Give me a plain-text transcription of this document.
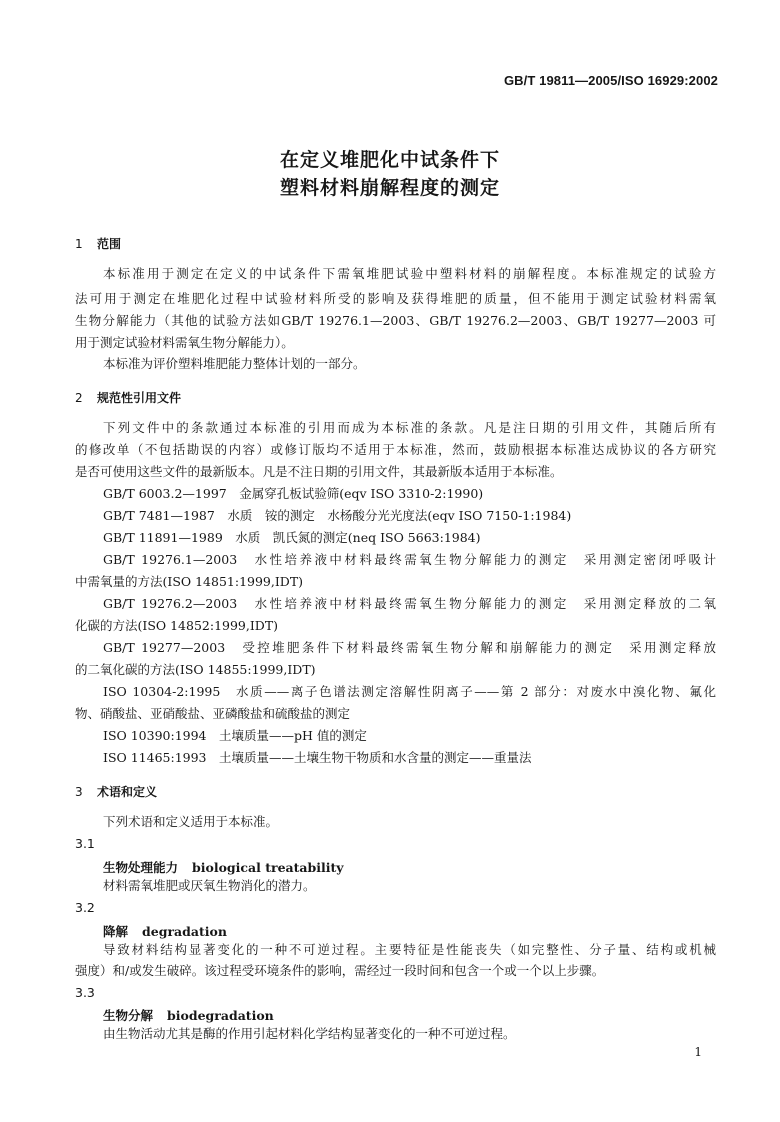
GB/T 19811—2005/ISO 16929:2002
在定义堆肥化中试条件下
塑料材料崩解程度的测定
1 范围
本标准用于测定在定义的中试条件下需氧堆肥试验中塑料材料的崩解程度。本标准规定的试验方
法可用于测定在堆肥化过程中试验材料所受的影响及获得堆肥的质量，但不能用于测定试验材料需氧
生物分解能力（其他的试验方法如GB/T 19276.1—2003、GB/T 19276.2—2003、GB/T 19277—2003 可
用于测定试验材料需氧生物分解能力）。
本标准为评价塑料堆肥能力整体计划的一部分。
2 规范性引用文件
下列文件中的条款通过本标准的引用而成为本标准的条款。凡是注日期的引用文件，其随后所有
的修改单（不包括勘误的内容）或修订版均不适用于本标准，然而，鼓励根据本标准达成协议的各方研究
是否可使用这些文件的最新版本。凡是不注日期的引用文件，其最新版本适用于本标准。
GB/T 6003.2—1997　金属穿孔板试验筛(eqv ISO 3310-2:1990)
GB/T 7481—1987　水质　铵的测定　水杨酸分光光度法(eqv ISO 7150-1:1984)
GB/T 11891—1989　水质　凯氏氮的测定(neq ISO 5663:1984)
GB/T 19276.1—2003　水性培养液中材料最终需氧生物分解能力的测定　采用测定密闭呼吸计
中需氧量的方法(ISO 14851:1999,IDT)
GB/T 19276.2—2003　水性培养液中材料最终需氧生物分解能力的测定　采用测定释放的二氧
化碳的方法(ISO 14852:1999,IDT)
GB/T 19277—2003　受控堆肥条件下材料最终需氧生物分解和崩解能力的测定　采用测定释放
的二氧化碳的方法(ISO 14855:1999,IDT)
ISO 10304-2:1995　水质——离子色谱法测定溶解性阴离子——第 2 部分：对废水中溴化物、氟化
物、硝酸盐、亚硝酸盐、亚磷酸盐和硫酸盐的测定
ISO 10390:1994　土壤质量——pH 值的测定
ISO 11465:1993　土壤质量——土壤生物干物质和水含量的测定——重量法
3 术语和定义
下列术语和定义适用于本标准。
3.1
生物处理能力 biological treatability
材料需氧堆肥或厌氧生物消化的潜力。
3.2
降解 degradation
导致材料结构显著变化的一种不可逆过程。主要特征是性能丧失（如完整性、分子量、结构或机械
强度）和/或发生破碎。该过程受环境条件的影响，需经过一段时间和包含一个或一个以上步骤。
3.3
生物分解 biodegradation
由生物活动尤其是酶的作用引起材料化学结构显著变化的一种不可逆过程。
1
